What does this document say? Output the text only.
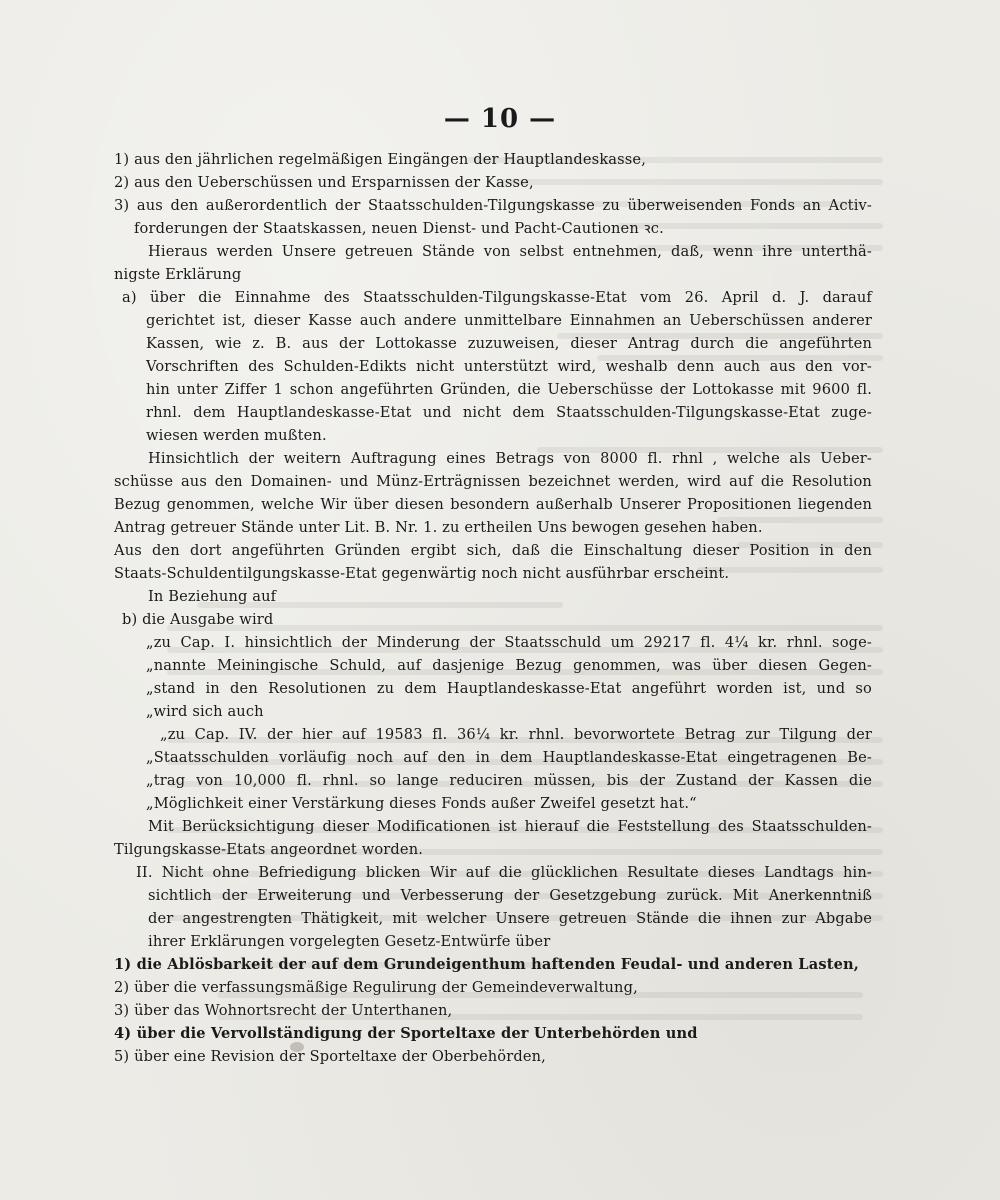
— 10 —
1) aus den jährlichen regelmäßigen Eingängen der Hauptlandeskasse,
2) aus den Ueberschüssen und Ersparnissen der Kasse,
3) aus den außerordentlich der Staatsschulden-Tilgungskasse zu überweisenden Fonds an Activ-
forderungen der Staatskassen, neuen Dienst- und Pacht-Cautionen ꝛc.
Hieraus werden Unsere getreuen Stände von selbst entnehmen, daß, wenn ihre unterthä-
nigste Erklärung
a) über die Einnahme des Staatsschulden-Tilgungskasse-Etat vom 26. April d. J. darauf
gerichtet ist, dieser Kasse auch andere unmittelbare Einnahmen an Ueberschüssen anderer
Kassen, wie z. B. aus der Lottokasse zuzuweisen, dieser Antrag durch die angeführten
Vorschriften des Schulden-Edikts nicht unterstützt wird, weshalb denn auch aus den vor-
hin unter Ziffer 1 schon angeführten Gründen, die Ueberschüsse der Lottokasse mit 9600 fl.
rhnl. dem Hauptlandeskasse-Etat und nicht dem Staatsschulden-Tilgungskasse-Etat zuge-
wiesen werden mußten.
Hinsichtlich der weitern Auftragung eines Betrags von 8000 fl. rhnl , welche als Ueber-
schüsse aus den Domainen- und Münz-Erträgnissen bezeichnet werden, wird auf die Resolution
Bezug genommen, welche Wir über diesen besondern außerhalb Unserer Propositionen liegenden
Antrag getreuer Stände unter Lit. B. Nr. 1. zu ertheilen Uns bewogen gesehen haben.
Aus den dort angeführten Gründen ergibt sich, daß die Einschaltung dieser Position in den
Staats-Schuldentilgungskasse-Etat gegenwärtig noch nicht ausführbar erscheint.
In Beziehung auf
b) die Ausgabe wird
„zu Cap. I. hinsichtlich der Minderung der Staatsschuld um 29217 fl. 4¼ kr. rhnl. soge-
„nannte Meiningische Schuld, auf dasjenige Bezug genommen, was über diesen Gegen-
„stand in den Resolutionen zu dem Hauptlandeskasse-Etat angeführt worden ist, und so
„wird sich auch
„zu Cap. IV. der hier auf 19583 fl. 36¼ kr. rhnl. bevorwortete Betrag zur Tilgung der
„Staatsschulden vorläufig noch auf den in dem Hauptlandeskasse-Etat eingetragenen Be-
„trag von 10,000 fl. rhnl. so lange reduciren müssen, bis der Zustand der Kassen die
„Möglichkeit einer Verstärkung dieses Fonds außer Zweifel gesetzt hat.“
Mit Berücksichtigung dieser Modificationen ist hierauf die Feststellung des Staatsschulden-
Tilgungskasse-Etats angeordnet worden.
II. Nicht ohne Befriedigung blicken Wir auf die glücklichen Resultate dieses Landtags hin-
sichtlich der Erweiterung und Verbesserung der Gesetzgebung zurück. Mit Anerkenntniß
der angestrengten Thätigkeit, mit welcher Unsere getreuen Stände die ihnen zur Abgabe
ihrer Erklärungen vorgelegten Gesetz-Entwürfe über
1) die Ablösbarkeit der auf dem Grundeigenthum haftenden Feudal- und anderen Lasten,
2) über die verfassungsmäßige Regulirung der Gemeindeverwaltung,
3) über das Wohnortsrecht der Unterthanen,
4) über die Vervollständigung der Sporteltaxe der Unterbehörden und
5) über eine Revision der Sporteltaxe der Oberbehörden,
